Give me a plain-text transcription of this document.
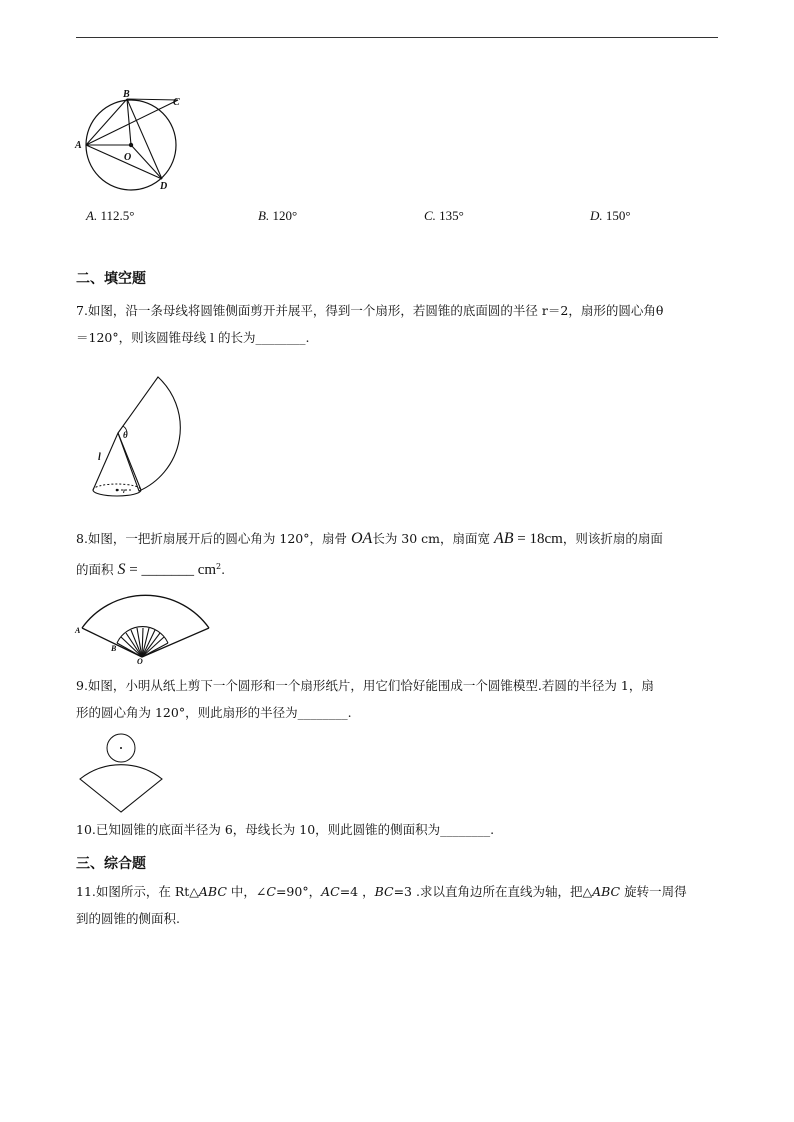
B
C
A
O
D
A. 112.5°	B. 120°	C. 135°	D. 150°
二、填空题
7.如图，沿一条母线将圆锥侧面剪开并展平，得到一个扇形，若圆锥的底面圆的半径 r＝2，扇形的圆心角θ
＝120°，则该圆锥母线 l 的长为________.
θ
l
r
8.如图，一把折扇展开后的圆心角为 120°，扇骨 OA长为 30 cm，扇面宽 AB = 18cm，则该折扇的扇面
的面积 S = _______ $cm^2$.
A
B
O
9.如图，小明从纸上剪下一个圆形和一个扇形纸片，用它们恰好能围成一个圆锥模型.若圆的半径为 1，扇
形的圆心角为 120°，则此扇形的半径为________.
10.已知圆锥的底面半径为 6，母线长为 10，则此圆锥的侧面积为________.
三、综合题
11.如图所示，在 Rt△ABC 中，∠C=90°，AC=4 ，BC=3 .求以直角边所在直线为轴，把△ABC 旋转一周得
到的圆锥的侧面积.
